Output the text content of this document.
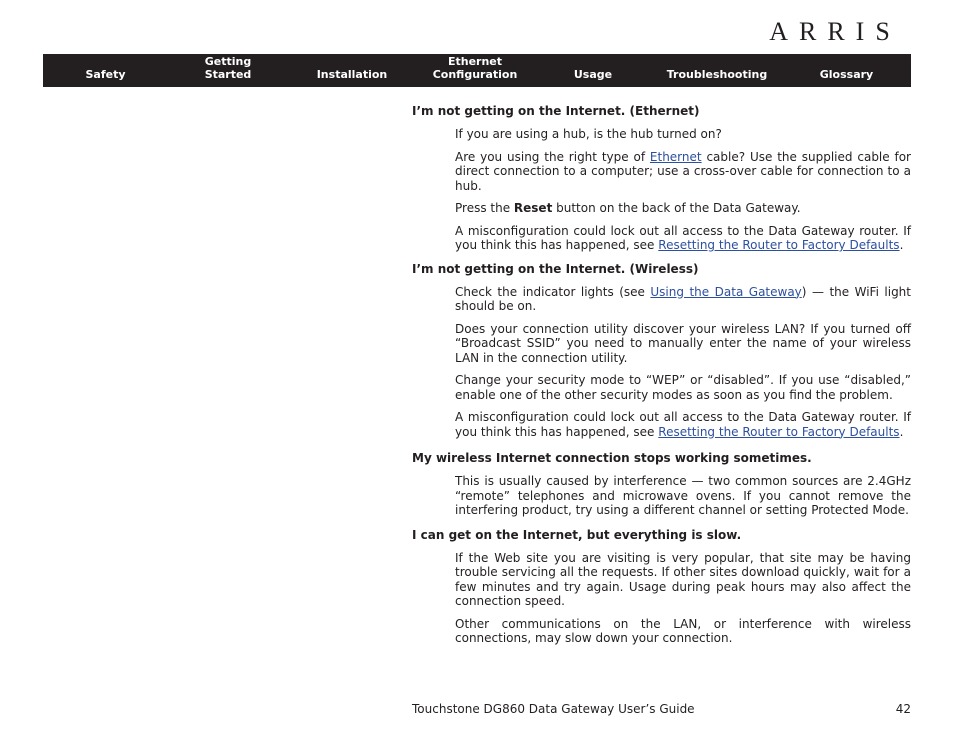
ARRIS
Safety
Getting
Started	Installation
Ethernet
Configuration	Usage	Troubleshooting	Glossary

I’m not getting on the Internet. (Ethernet)

If you are using a hub, is the hub turned on?

Are you using the right type of Ethernet cable? Use the supplied cable for direct connection to a computer; use a cross-over cable for connection to a hub.

Press the Reset button on the back of the Data Gateway.

A misconfiguration could lock out all access to the Data Gateway router. If you think this has happened, see Resetting the Router to Factory Defaults.

I’m not getting on the Internet. (Wireless)

Check the indicator lights (see Using the Data Gateway) — the WiFi light should be on.

Does your connection utility discover your wireless LAN? If you turned off “Broadcast SSID” you need to manually enter the name of your wireless LAN in the connection utility.

Change your security mode to “WEP” or “disabled”. If you use “disabled,” enable one of the other security modes as soon as you find the problem.

A misconfiguration could lock out all access to the Data Gateway router. If you think this has happened, see Resetting the Router to Factory Defaults.

My wireless Internet connection stops working sometimes.

This is usually caused by interference — two common sources are 2.4GHz “remote” telephones and microwave ovens. If you cannot remove the interfering product, try using a different channel or setting Protected Mode.

I can get on the Internet, but everything is slow.

If the Web site you are visiting is very popular, that site may be having trouble servicing all the requests. If other sites download quickly, wait for a few minutes and try again. Usage during peak hours may also affect the connection speed.

Other communications on the LAN, or interference with wireless connections, may slow down your connection.

Touchstone DG860 Data Gateway User’s Guide	42
